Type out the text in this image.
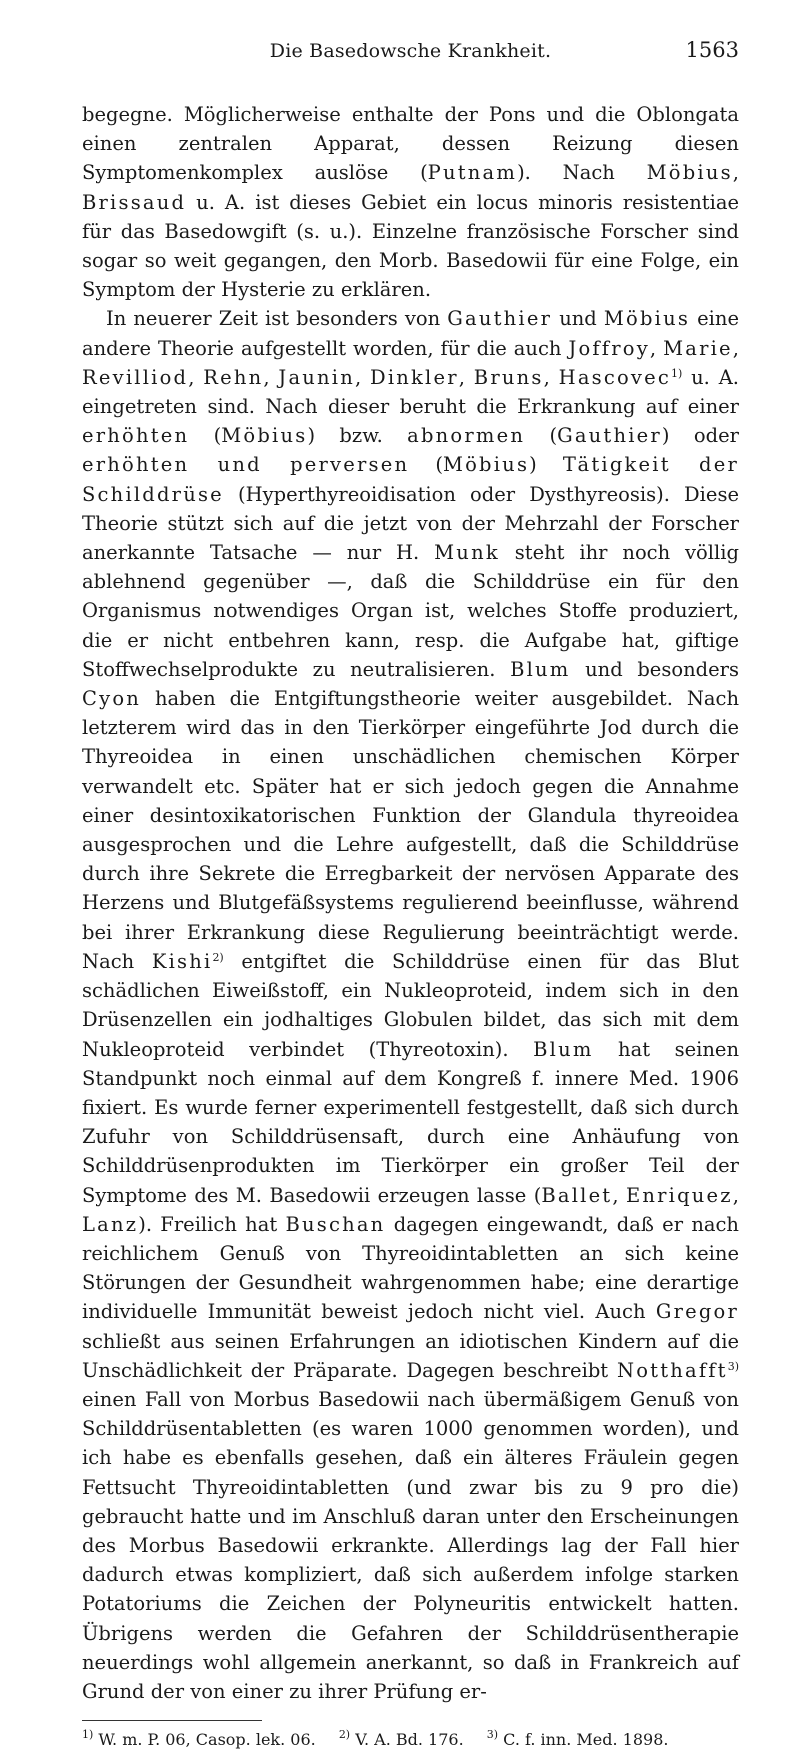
Die Basedowsche Krankheit.	1563

begegne. Möglicherweise enthalte der Pons und die Oblongata einen zentralen Apparat, dessen Reizung diesen Symptomenkomplex auslöse (Putnam). Nach Möbius, Brissaud u. A. ist dieses Gebiet ein locus minoris resistentiae für das Basedowgift (s. u.). Einzelne französische Forscher sind sogar so weit gegangen, den Morb. Basedowii für eine Folge, ein Symptom der Hysterie zu erklären.

In neuerer Zeit ist besonders von Gauthier und Möbius eine andere Theorie aufgestellt worden, für die auch Joffroy, Marie, Revilliod, Rehn, Jaunin, Dinkler, Bruns, Hascovec$^{1)}$ u. A. eingetreten sind. Nach dieser beruht die Erkrankung auf einer erhöhten (Möbius) bzw. abnormen (Gauthier) oder erhöhten und perversen (Möbius) Tätigkeit der Schilddrüse (Hyperthyreoidisation oder Dysthyreosis). Diese Theorie stützt sich auf die jetzt von der Mehrzahl der Forscher anerkannte Tatsache — nur H. Munk steht ihr noch völlig ablehnend gegenüber —, daß die Schilddrüse ein für den Organismus notwendiges Organ ist, welches Stoffe produziert, die er nicht entbehren kann, resp. die Aufgabe hat, giftige Stoffwechselprodukte zu neutralisieren. Blum und besonders Cyon haben die Entgiftungstheorie weiter ausgebildet. Nach letzterem wird das in den Tierkörper eingeführte Jod durch die Thyreoidea in einen unschädlichen chemischen Körper verwandelt etc. Später hat er sich jedoch gegen die Annahme einer desintoxikatorischen Funktion der Glandula thyreoidea ausgesprochen und die Lehre aufgestellt, daß die Schilddrüse durch ihre Sekrete die Erregbarkeit der nervösen Apparate des Herzens und Blutgefäßsystems regulierend beeinflusse, während bei ihrer Erkrankung diese Regulierung beeinträchtigt werde. Nach Kishi$^{2)}$ entgiftet die Schilddrüse einen für das Blut schädlichen Eiweißstoff, ein Nukleoproteid, indem sich in den Drüsenzellen ein jodhaltiges Globulen bildet, das sich mit dem Nukleoproteid verbindet (Thyreotoxin). Blum hat seinen Standpunkt noch einmal auf dem Kongreß f. innere Med. 1906 fixiert. Es wurde ferner experimentell festgestellt, daß sich durch Zufuhr von Schilddrüsensaft, durch eine Anhäufung von Schilddrüsenprodukten im Tierkörper ein großer Teil der Symptome des M. Basedowii erzeugen lasse (Ballet, Enriquez, Lanz). Freilich hat Buschan dagegen eingewandt, daß er nach reichlichem Genuß von Thyreoidintabletten an sich keine Störungen der Gesundheit wahrgenommen habe; eine derartige individuelle Immunität beweist jedoch nicht viel. Auch Gregor schließt aus seinen Erfahrungen an idiotischen Kindern auf die Unschädlichkeit der Präparate. Dagegen beschreibt Notthafft$^{3)}$ einen Fall von Morbus Basedowii nach übermäßigem Genuß von Schilddrüsentabletten (es waren 1000 genommen worden), und ich habe es ebenfalls gesehen, daß ein älteres Fräulein gegen Fettsucht Thyreoidintabletten (und zwar bis zu 9 pro die) gebraucht hatte und im Anschluß daran unter den Erscheinungen des Morbus Basedowii erkrankte. Allerdings lag der Fall hier dadurch etwas kompliziert, daß sich außerdem infolge starken Potatoriums die Zeichen der Polyneuritis entwickelt hatten. Übrigens werden die Gefahren der Schilddrüsentherapie neuerdings wohl allgemein anerkannt, so daß in Frankreich auf Grund der von einer zu ihrer Prüfung er-

$^{1)}$ W. m. P. 06, Casop. lek. 06. $^{2)}$ V. A. Bd. 176. $^{3)}$ C. f. inn. Med. 1898.
